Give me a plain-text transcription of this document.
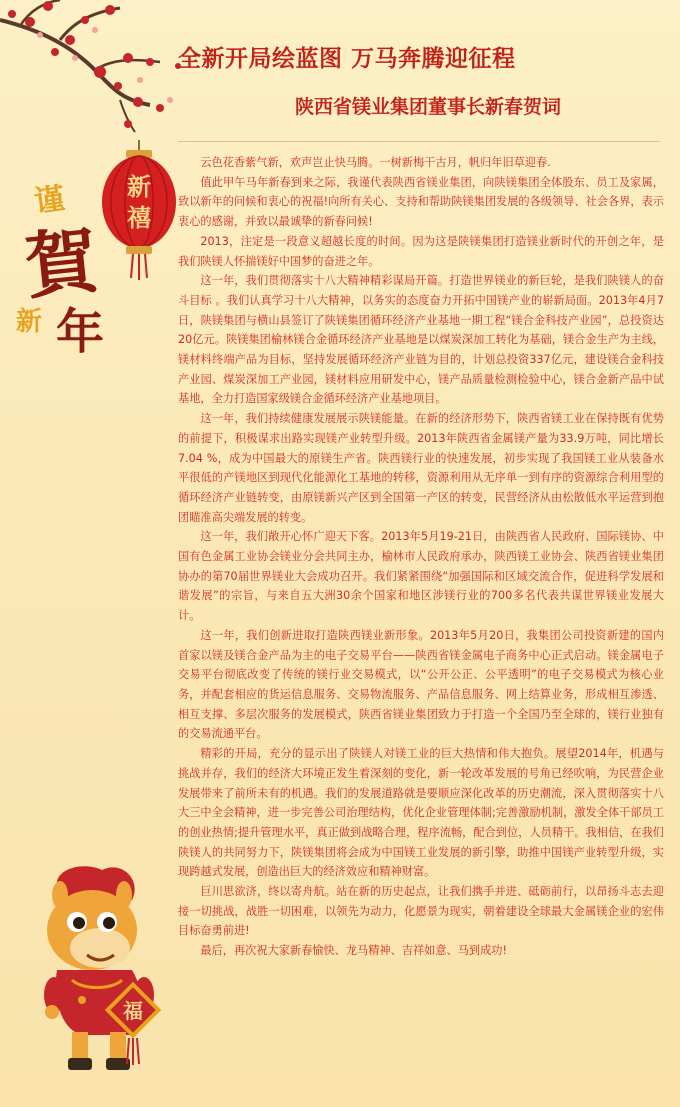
新
禧
谨
賀
新 年
福
全新开局绘蓝图 万马奔腾迎征程
陕西省镁业集团董事长新春贺词

云色花香紫气新，欢声岂止快马腾。一树新梅干古月，帆归年旧草迎春.

值此甲午马年新春到来之际，我谨代表陕西省镁业集团，向陕镁集团全体股东、员工及家属，致以新年的问候和衷心的祝福!向所有关心、支持和帮助陕镁集团发展的各级领导、社会各界，表示衷心的感谢，并致以最诚挚的新春问候!

2013，注定是一段意义超越长度的时间。因为这是陕镁集团打造镁业新时代的开创之年，是我们陕镁人怀揣镁好中国梦的奋进之年。

这一年，我们贯彻落实十八大精神精彩谋局开篇。打造世界镁业的新巨轮，是我们陕镁人的奋斗目标 。我们认真学习十八大精神，以务实的态度奋力开拓中国镁产业的崭新局面。2013年4月7日，陕镁集团与横山县签订了陕镁集团循环经济产业基地一期工程“镁合金科技产业园”，总投资达20亿元。陕镁集团榆林镁合金循环经济产业基地是以煤炭深加工转化为基础，镁合金生产为主线，镁材料终端产品为目标，坚持发展循环经济产业链为目的，计划总投资337亿元，建设镁合金科技产业园、煤炭深加工产业园，镁材料应用研发中心，镁产品质量检测检验中心，镁合金新产品中试基地，全力打造国家级镁合金循环经济产业基地项目。

这一年，我们持续健康发展展示陕镁能量。在新的经济形势下，陕西省镁工业在保持既有优势的前提下，积极谋求出路实现镁产业转型升级。2013年陕西省金属镁产量为33.9万吨，同比增长7.04 %，成为中国最大的原镁生产省。陕西镁行业的快速发展，初步实现了我国镁工业从装备水平很低的产镁地区到现代化能源化工基地的转移，资源利用从无序单一到有序的资源综合利用型的循环经济产业链转变，由原镁新兴产区到全国第一产区的转变，民营经济从由松散低水平运营到抱团瞄准高尖端发展的转变。

这一年，我们敞开心怀广迎天下客。2013年5月19-21日，由陕西省人民政府、国际镁协、中国有色金属工业协会镁业分会共同主办，榆林市人民政府承办，陕西镁工业协会、陕西省镁业集团协办的第70届世界镁业大会成功召开。我们紧紧围绕“加强国际和区域交流合作，促进科学发展和谐发展”的宗旨，与来自五大洲30余个国家和地区涉镁行业的700多名代表共谋世界镁业发展大计。

这一年，我们创新进取打造陕西镁业新形象。2013年5月20日，我集团公司投资新建的国内首家以镁及镁合金产品为主的电子交易平台——陕西省镁金属电子商务中心正式启动。镁金属电子交易平台彻底改变了传统的镁行业交易模式，以“公开公正、公平透明”的电子交易模式为核心业务，并配套相应的货运信息服务、交易物流服务、产品信息服务、网上结算业务，形成相互渗透、相互支撑、多层次服务的发展模式，陕西省镁业集团致力于打造一个全国乃至全球的，镁行业独有的交易流通平台。

精彩的开局，充分的显示出了陕镁人对镁工业的巨大热情和伟大抱负。展望2014年，机遇与挑战并存，我们的经济大环境正发生着深刻的变化，新一轮改革发展的号角已经吹响，为民营企业发展带来了前所未有的机遇。我们的发展道路就是要顺应深化改革的历史潮流，深入贯彻落实十八大三中全会精神，进一步完善公司治理结构，优化企业管理体制;完善激励机制，激发全体干部员工的创业热情;提升管理水平，真正做到战略合理，程序流畅，配合到位，人员精干。我相信，在我们陕镁人的共同努力下，陕镁集团将会成为中国镁工业发展的新引擎，助推中国镁产业转型升级，实现跨越式发展，创造出巨大的经济效应和精神财富。

巨川思欲济，终以寄舟航。站在新的历史起点，让我们携手并进、砥砺前行，以昂扬斗志去迎接一切挑战，战胜一切困难，以领先为动力，化愿景为现实，朝着建设全球最大金属镁企业的宏伟目标奋勇前进!

最后，再次祝大家新春愉快、龙马精神、吉祥如意、马到成功!
